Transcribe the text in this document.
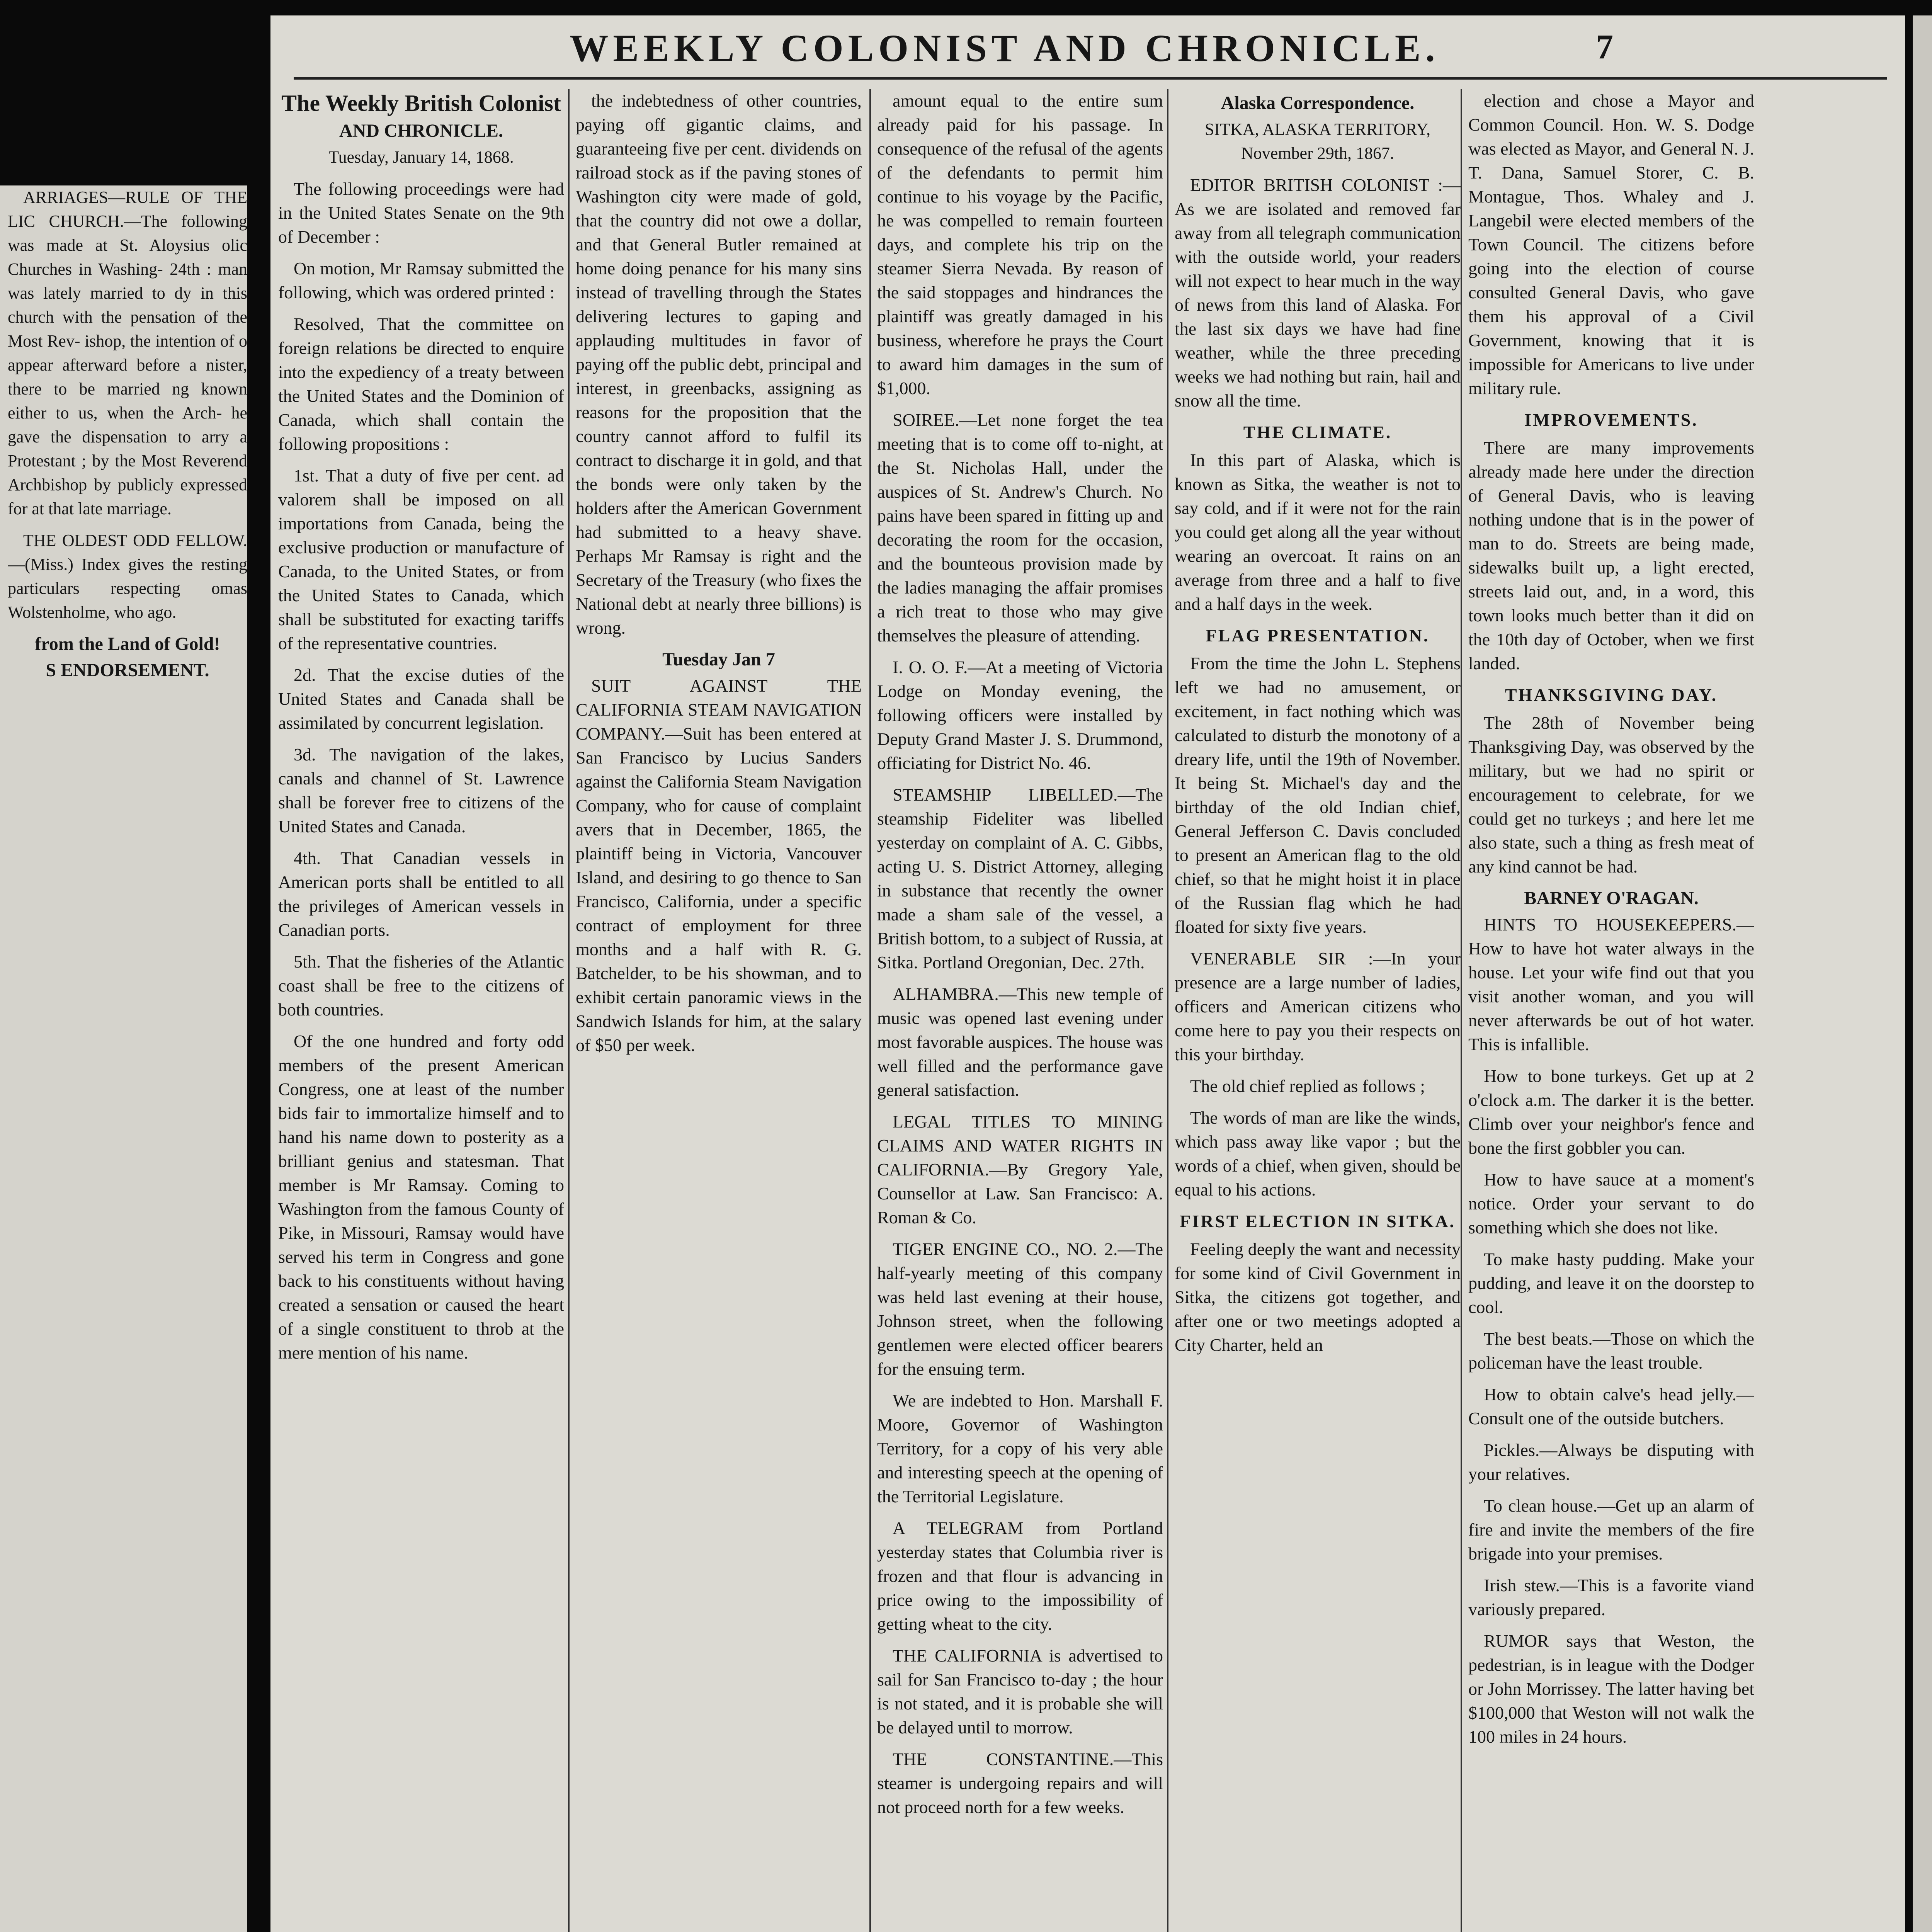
ARRIAGES—RULE OF THE LIC CHURCH.—The following was made at St. Aloysius olic Churches in Washing- 24th : man was lately married to dy in this church with the pensation of the Most Rev- ishop, the intention of o appear afterward before a nister, there to be married ng known either to us, when the Arch- he gave the dispensation to arry a Protestant ; by the Most Reverend Archbishop by publicly expressed for at that late marriage.

THE OLDEST ODD FELLOW.—(Miss.) Index gives the resting particulars respecting omas Wolstenholme, who ago.

from the Land of Gold!
S ENDORSEMENT.
WEEKLY COLONIST AND CHRONICLE.	7
The Weekly British Colonist
AND CHRONICLE.
Tuesday, January 14, 1868.

The following proceedings were had in the United States Senate on the 9th of December :

On motion, Mr Ramsay submitted the following, which was ordered printed :

Resolved, That the committee on foreign relations be directed to enquire into the expediency of a treaty between the United States and the Dominion of Canada, which shall contain the following propositions :

1st. That a duty of five per cent. ad valorem shall be imposed on all importations from Canada, being the exclusive production or manufacture of Canada, to the United States, or from the United States to Canada, which shall be substituted for exacting tariffs of the representative countries.

2d. That the excise duties of the United States and Canada shall be assimilated by concurrent legislation.

3d. The navigation of the lakes, canals and channel of St. Lawrence shall be forever free to citizens of the United States and Canada.

4th. That Canadian vessels in American ports shall be entitled to all the privileges of American vessels in Canadian ports.

5th. That the fisheries of the Atlantic coast shall be free to the citizens of both countries.

Of the one hundred and forty odd members of the present American Congress, one at least of the number bids fair to immortalize himself and to hand his name down to posterity as a brilliant genius and statesman. That member is Mr Ramsay. Coming to Washington from the famous County of Pike, in Missouri, Ramsay would have served his term in Congress and gone back to his constituents without having created a sensation or caused the heart of a single constituent to throb at the mere mention of his name.

the indebtedness of other countries, paying off gigantic claims, and guaranteeing five per cent. dividends on railroad stock as if the paving stones of Washington city were made of gold, that the country did not owe a dollar, and that General Butler remained at home doing penance for his many sins instead of travelling through the States delivering lectures to gaping and applauding multitudes in favor of paying off the public debt, principal and interest, in greenbacks, assigning as reasons for the proposition that the country cannot afford to fulfil its contract to discharge it in gold, and that the bonds were only taken by the holders after the American Government had submitted to a heavy shave. Perhaps Mr Ramsay is right and the Secretary of the Treasury (who fixes the National debt at nearly three billions) is wrong.

Tuesday Jan 7

SUIT AGAINST THE CALIFORNIA STEAM NAVIGATION COMPANY.—Suit has been entered at San Francisco by Lucius Sanders against the California Steam Navigation Company, who for cause of complaint avers that in December, 1865, the plaintiff being in Victoria, Vancouver Island, and desiring to go thence to San Francisco, California, under a specific contract of employment for three months and a half with R. G. Batchelder, to be his showman, and to exhibit certain panoramic views in the Sandwich Islands for him, at the salary of $50 per week.

amount equal to the entire sum already paid for his passage. In consequence of the refusal of the agents of the defendants to permit him continue to his voyage by the Pacific, he was compelled to remain fourteen days, and complete his trip on the steamer Sierra Nevada. By reason of the said stoppages and hindrances the plaintiff was greatly damaged in his business, wherefore he prays the Court to award him damages in the sum of $1,000.

SOIREE.—Let none forget the tea meeting that is to come off to-night, at the St. Nicholas Hall, under the auspices of St. Andrew's Church. No pains have been spared in fitting up and decorating the room for the occasion, and the bounteous provision made by the ladies managing the affair promises a rich treat to those who may give themselves the pleasure of attending.

I. O. O. F.—At a meeting of Victoria Lodge on Monday evening, the following officers were installed by Deputy Grand Master J. S. Drummond, officiating for District No. 46.

STEAMSHIP LIBELLED.—The steamship Fideliter was libelled yesterday on complaint of A. C. Gibbs, acting U. S. District Attorney, alleging in substance that recently the owner made a sham sale of the vessel, a British bottom, to a subject of Russia, at Sitka. Portland Oregonian, Dec. 27th.

ALHAMBRA.—This new temple of music was opened last evening under most favorable auspices. The house was well filled and the performance gave general satisfaction.

LEGAL TITLES TO MINING CLAIMS AND WATER RIGHTS IN CALIFORNIA.—By Gregory Yale, Counsellor at Law. San Francisco: A. Roman & Co.

TIGER ENGINE CO., NO. 2.—The half-yearly meeting of this company was held last evening at their house, Johnson street, when the following gentlemen were elected officer bearers for the ensuing term.

We are indebted to Hon. Marshall F. Moore, Governor of Washington Territory, for a copy of his very able and interesting speech at the opening of the Territorial Legislature.

A TELEGRAM from Portland yesterday states that Columbia river is frozen and that flour is advancing in price owing to the impossibility of getting wheat to the city.

THE CALIFORNIA is advertised to sail for San Francisco to-day ; the hour is not stated, and it is probable she will be delayed until to morrow.

THE CONSTANTINE.—This steamer is undergoing repairs and will not proceed north for a few weeks.

Alaska Correspondence.
SITKA, ALASKA TERRITORY, November 29th, 1867.

EDITOR BRITISH COLONIST :—As we are isolated and removed far away from all telegraph communication with the outside world, your readers will not expect to hear much in the way of news from this land of Alaska. For the last six days we have had fine weather, while the three preceding weeks we had nothing but rain, hail and snow all the time.

THE CLIMATE.

In this part of Alaska, which is known as Sitka, the weather is not to say cold, and if it were not for the rain you could get along all the year without wearing an overcoat. It rains on an average from three and a half to five and a half days in the week.

FLAG PRESENTATION.

From the time the John L. Stephens left we had no amusement, or excitement, in fact nothing which was calculated to disturb the monotony of a dreary life, until the 19th of November. It being St. Michael's day and the birthday of the old Indian chief, General Jefferson C. Davis concluded to present an American flag to the old chief, so that he might hoist it in place of the Russian flag which he had floated for sixty five years.

VENERABLE SIR :—In your presence are a large number of ladies, officers and American citizens who come here to pay you their respects on this your birthday.

The old chief replied as follows ;

The words of man are like the winds, which pass away like vapor ; but the words of a chief, when given, should be equal to his actions.

FIRST ELECTION IN SITKA.

Feeling deeply the want and necessity for some kind of Civil Government in Sitka, the citizens got together, and after one or two meetings adopted a City Charter, held an

election and chose a Mayor and Common Council. Hon. W. S. Dodge was elected as Mayor, and General N. J. T. Dana, Samuel Storer, C. B. Montague, Thos. Whaley and J. Langebil were elected members of the Town Council. The citizens before going into the election of course consulted General Davis, who gave them his approval of a Civil Government, knowing that it is impossible for Americans to live under military rule.

IMPROVEMENTS.

There are many improvements already made here under the direction of General Davis, who is leaving nothing undone that is in the power of man to do. Streets are being made, sidewalks built up, a light erected, streets laid out, and, in a word, this town looks much better than it did on the 10th day of October, when we first landed.

THANKSGIVING DAY.

The 28th of November being Thanksgiving Day, was observed by the military, but we had no spirit or encouragement to celebrate, for we could get no turkeys ; and here let me also state, such a thing as fresh meat of any kind cannot be had.

BARNEY O'RAGAN.

HINTS TO HOUSEKEEPERS.—How to have hot water always in the house. Let your wife find out that you visit another woman, and you will never afterwards be out of hot water. This is infallible.

How to bone turkeys. Get up at 2 o'clock a.m. The darker it is the better. Climb over your neighbor's fence and bone the first gobbler you can.

How to have sauce at a moment's notice. Order your servant to do something which she does not like.

To make hasty pudding. Make your pudding, and leave it on the doorstep to cool.

The best beats.—Those on which the policeman have the least trouble.

How to obtain calve's head jelly.—Consult one of the outside butchers.

Pickles.—Always be disputing with your relatives.

To clean house.—Get up an alarm of fire and invite the members of the fire brigade into your premises.

Irish stew.—This is a favorite viand variously prepared.

RUMOR says that Weston, the pedestrian, is in league with the Dodger or John Morrissey. The latter having bet $100,000 that Weston will not walk the 100 miles in 24 hours.
